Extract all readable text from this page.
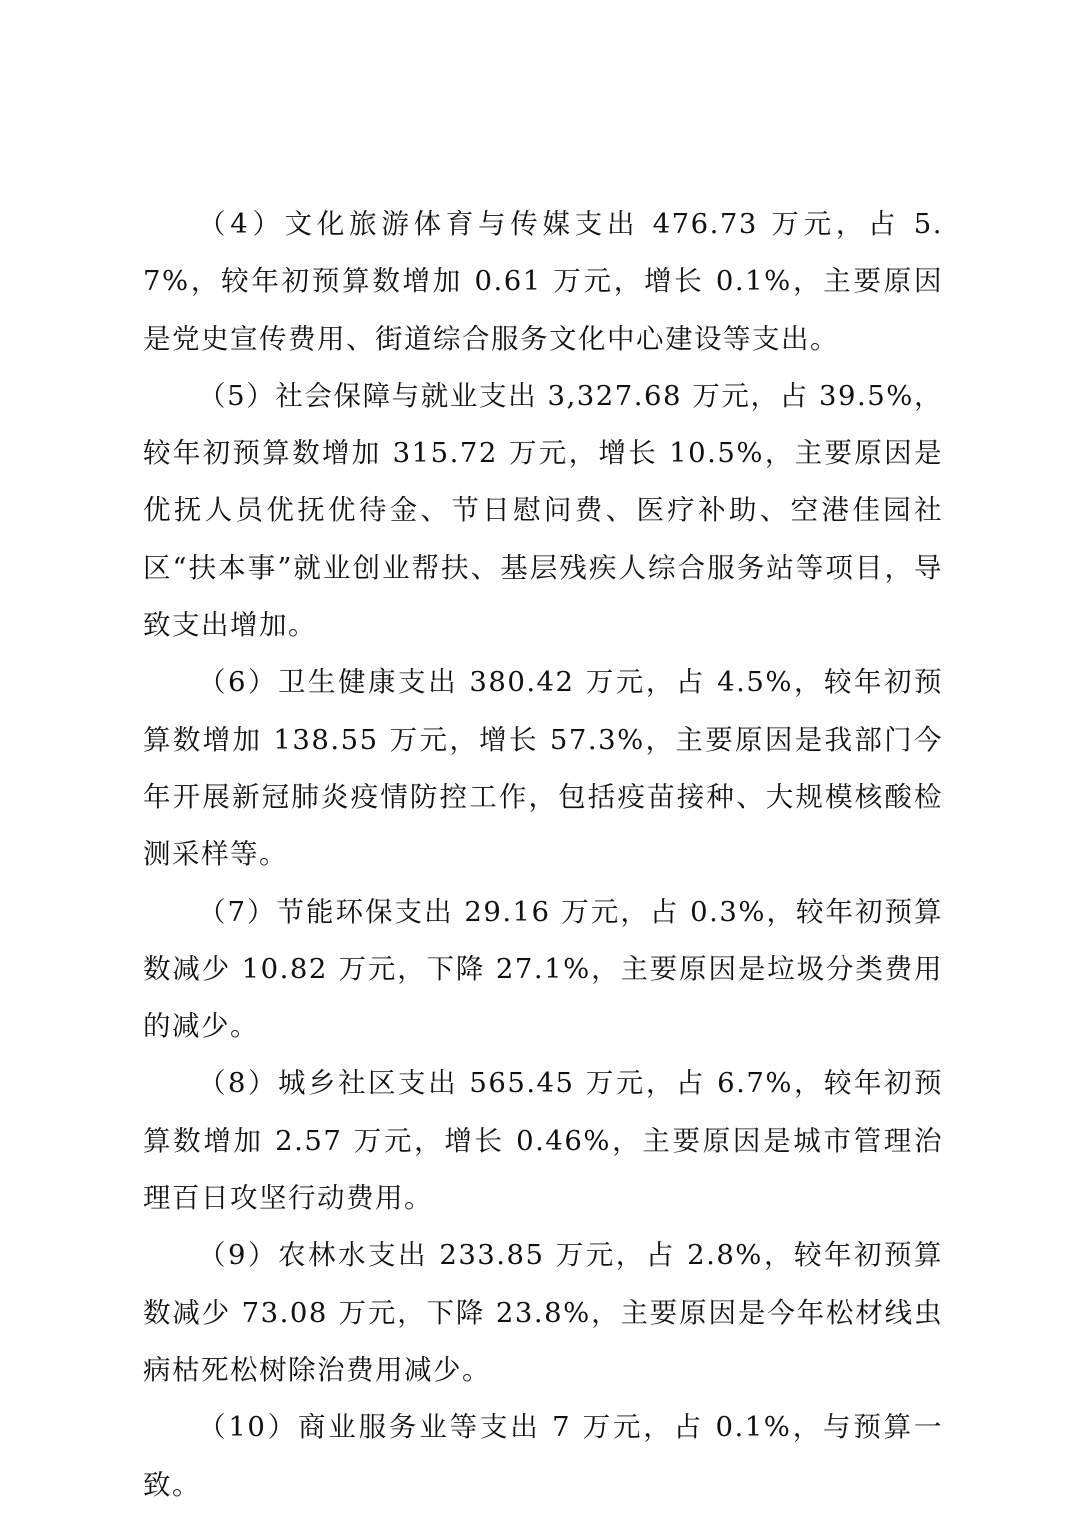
（4）文化旅游体育与传媒支出 476.73 万元，占 5.7%，较年初预算数增加 0.61 万元，增长 0.1%，主要原因是党史宣传费用、街道综合服务文化中心建设等支出。

（5）社会保障与就业支出 3,327.68 万元，占 39.5%，较年初预算数增加 315.72 万元，增长 10.5%，主要原因是优抚人员优抚优待金、节日慰问费、医疗补助、空港佳园社区“扶本事”就业创业帮扶、基层残疾人综合服务站等项目，导致支出增加。

（6）卫生健康支出 380.42 万元，占 4.5%，较年初预算数增加 138.55 万元，增长 57.3%，主要原因是我部门今年开展新冠肺炎疫情防控工作，包括疫苗接种、大规模核酸检测采样等。

（7）节能环保支出 29.16 万元，占 0.3%，较年初预算数减少 10.82 万元，下降 27.1%，主要原因是垃圾分类费用的减少。

（8）城乡社区支出 565.45 万元，占 6.7%，较年初预算数增加 2.57 万元，增长 0.46%，主要原因是城市管理治理百日攻坚行动费用。

（9）农林水支出 233.85 万元，占 2.8%，较年初预算数减少 73.08 万元，下降 23.8%，主要原因是今年松材线虫病枯死松树除治费用减少。

（10）商业服务业等支出 7 万元，占 0.1%，与预算一致。
